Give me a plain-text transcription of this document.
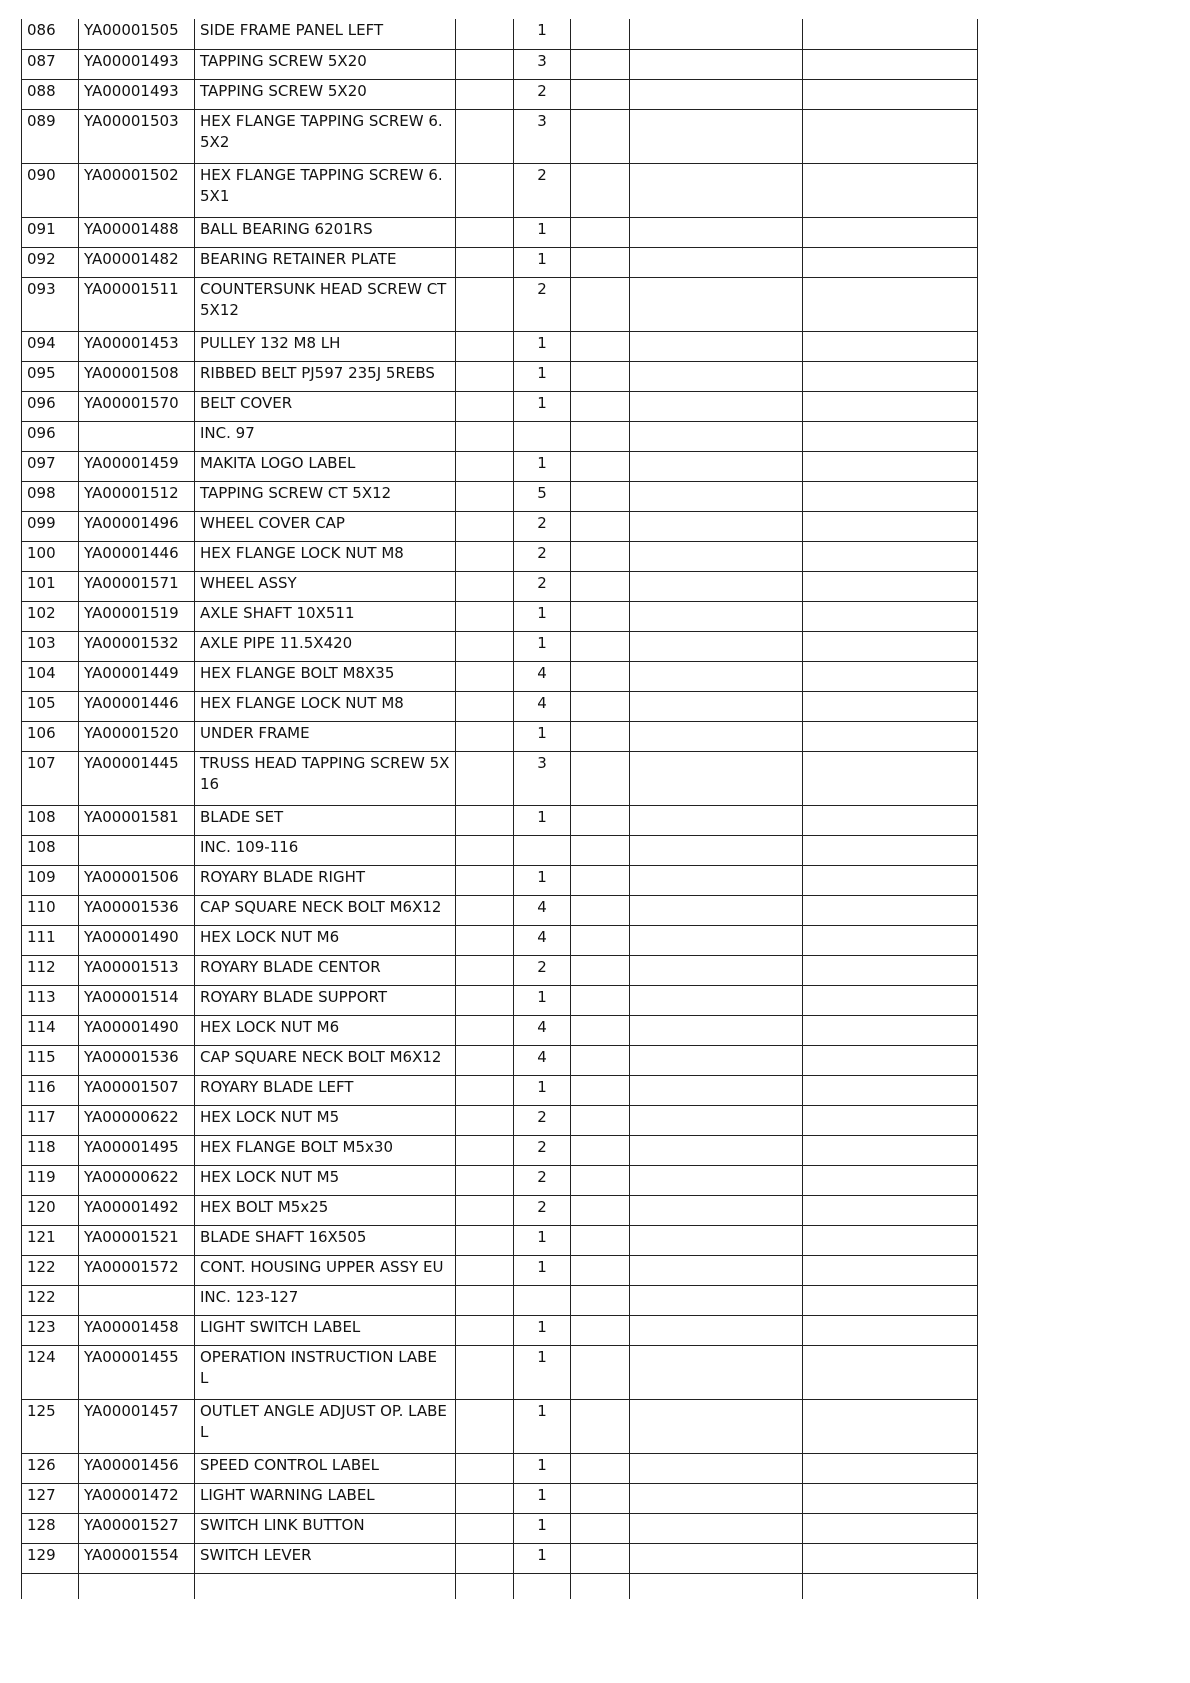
086	YA00001505	SIDE FRAME PANEL LEFT		1			
087	YA00001493	TAPPING SCREW 5X20		3			
088	YA00001493	TAPPING SCREW 5X20		2			
089	YA00001503	HEX FLANGE TAPPING SCREW 6.
5X2		3			
090	YA00001502	HEX FLANGE TAPPING SCREW 6.
5X1		2			
091	YA00001488	BALL BEARING 6201RS		1			
092	YA00001482	BEARING RETAINER PLATE		1			
093	YA00001511	COUNTERSUNK HEAD SCREW CT
5X12		2			
094	YA00001453	PULLEY 132 M8 LH		1			
095	YA00001508	RIBBED BELT PJ597 235J 5REBS		1			
096	YA00001570	BELT COVER		1			
096		INC. 97					
097	YA00001459	MAKITA LOGO LABEL		1			
098	YA00001512	TAPPING SCREW CT 5X12		5			
099	YA00001496	WHEEL COVER CAP		2			
100	YA00001446	HEX FLANGE LOCK NUT M8		2			
101	YA00001571	WHEEL ASSY		2			
102	YA00001519	AXLE SHAFT 10X511		1			
103	YA00001532	AXLE PIPE 11.5X420		1			
104	YA00001449	HEX FLANGE BOLT M8X35		4			
105	YA00001446	HEX FLANGE LOCK NUT M8		4			
106	YA00001520	UNDER FRAME		1			
107	YA00001445	TRUSS HEAD TAPPING SCREW 5X
16		3			
108	YA00001581	BLADE SET		1			
108		INC. 109-116					
109	YA00001506	ROYARY BLADE RIGHT		1			
110	YA00001536	CAP SQUARE NECK BOLT M6X12		4			
111	YA00001490	HEX LOCK NUT M6		4			
112	YA00001513	ROYARY BLADE CENTOR		2			
113	YA00001514	ROYARY BLADE SUPPORT		1			
114	YA00001490	HEX LOCK NUT M6		4			
115	YA00001536	CAP SQUARE NECK BOLT M6X12		4			
116	YA00001507	ROYARY BLADE LEFT		1			
117	YA00000622	HEX LOCK NUT M5		2			
118	YA00001495	HEX FLANGE BOLT M5x30		2			
119	YA00000622	HEX LOCK NUT M5		2			
120	YA00001492	HEX BOLT M5x25		2			
121	YA00001521	BLADE SHAFT 16X505		1			
122	YA00001572	CONT. HOUSING UPPER ASSY EU		1			
122		INC. 123-127					
123	YA00001458	LIGHT SWITCH LABEL		1			
124	YA00001455	OPERATION INSTRUCTION LABE
L		1			
125	YA00001457	OUTLET ANGLE ADJUST OP. LABE
L		1			
126	YA00001456	SPEED CONTROL LABEL		1			
127	YA00001472	LIGHT WARNING LABEL		1			
128	YA00001527	SWITCH LINK BUTTON		1			
129	YA00001554	SWITCH LEVER		1			
